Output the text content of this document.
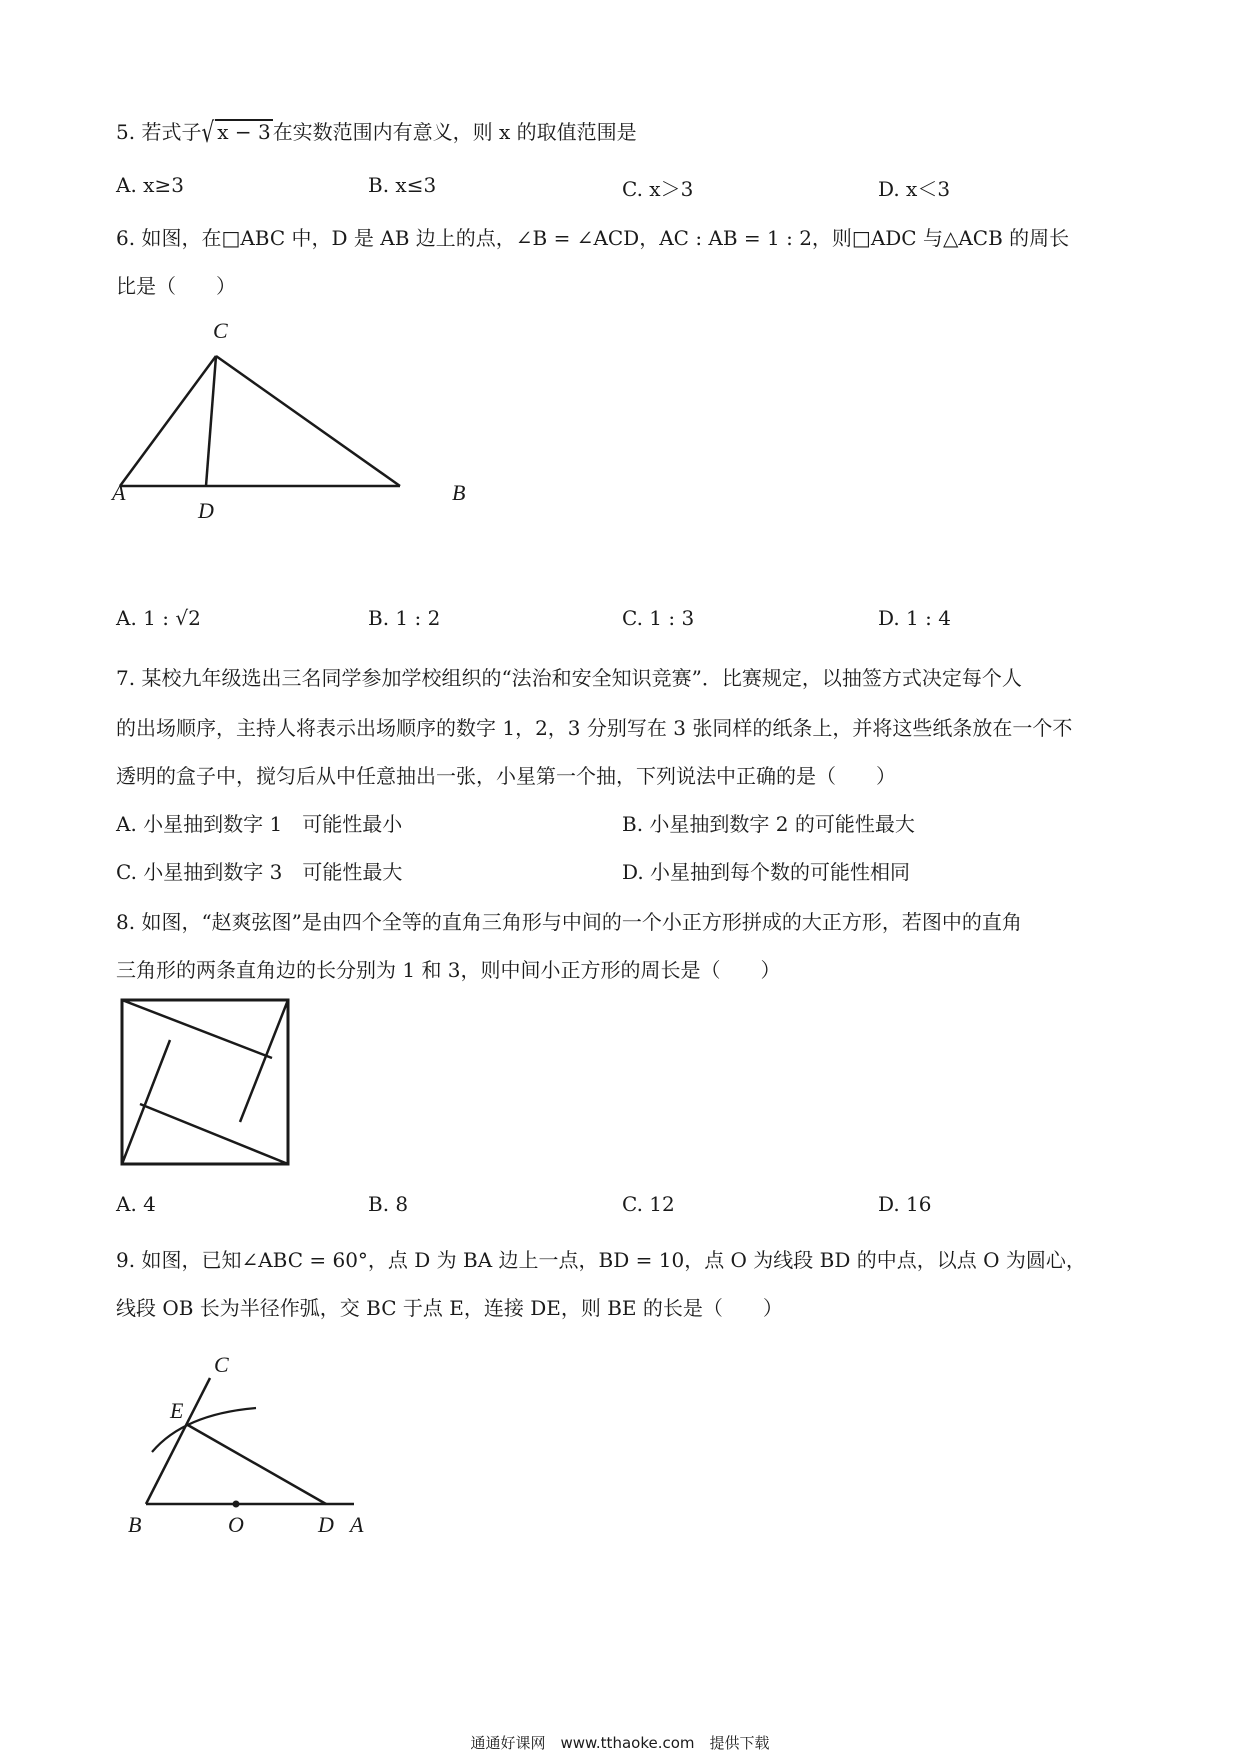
5. 若式子√ x − 3 在实数范围内有意义，则 x 的取值范围是
A. x≥3	B. x≤3	C. x＞3	D. x＜3
6. 如图，在□ABC 中，D 是 AB 边上的点，∠B = ∠ACD，AC : AB = 1 : 2，则□ADC 与△ACB 的周长
比是（　　）
C
A
D
B
A. 1 : √2	B. 1 : 2	C. 1 : 3	D. 1 : 4
7. 某校九年级选出三名同学参加学校组织的“法治和安全知识竞赛”．比赛规定，以抽签方式决定每个人
的出场顺序，主持人将表示出场顺序的数字 1，2，3 分别写在 3 张同样的纸条上，并将这些纸条放在一个不
透明的盒子中，搅匀后从中任意抽出一张，小星第一个抽，下列说法中正确的是（　　）
A. 小星抽到数字 1　可能性最小	B. 小星抽到数字 2 的可能性最大
C. 小星抽到数字 3　可能性最大	D. 小星抽到每个数的可能性相同
8. 如图，“赵爽弦图”是由四个全等的直角三角形与中间的一个小正方形拼成的大正方形，若图中的直角
三角形的两条直角边的长分别为 1 和 3，则中间小正方形的周长是（　　）
A. 4	B. 8	C. 12	D. 16
9. 如图，已知∠ABC = 60°，点 D 为 BA 边上一点，BD = 10，点 O 为线段 BD 的中点，以点 O 为圆心，
线段 OB 长为半径作弧，交 BC 于点 E，连接 DE，则 BE 的长是（　　）
C
E
B	O	D A
通通好课网　www.tthaoke.com　提供下载
